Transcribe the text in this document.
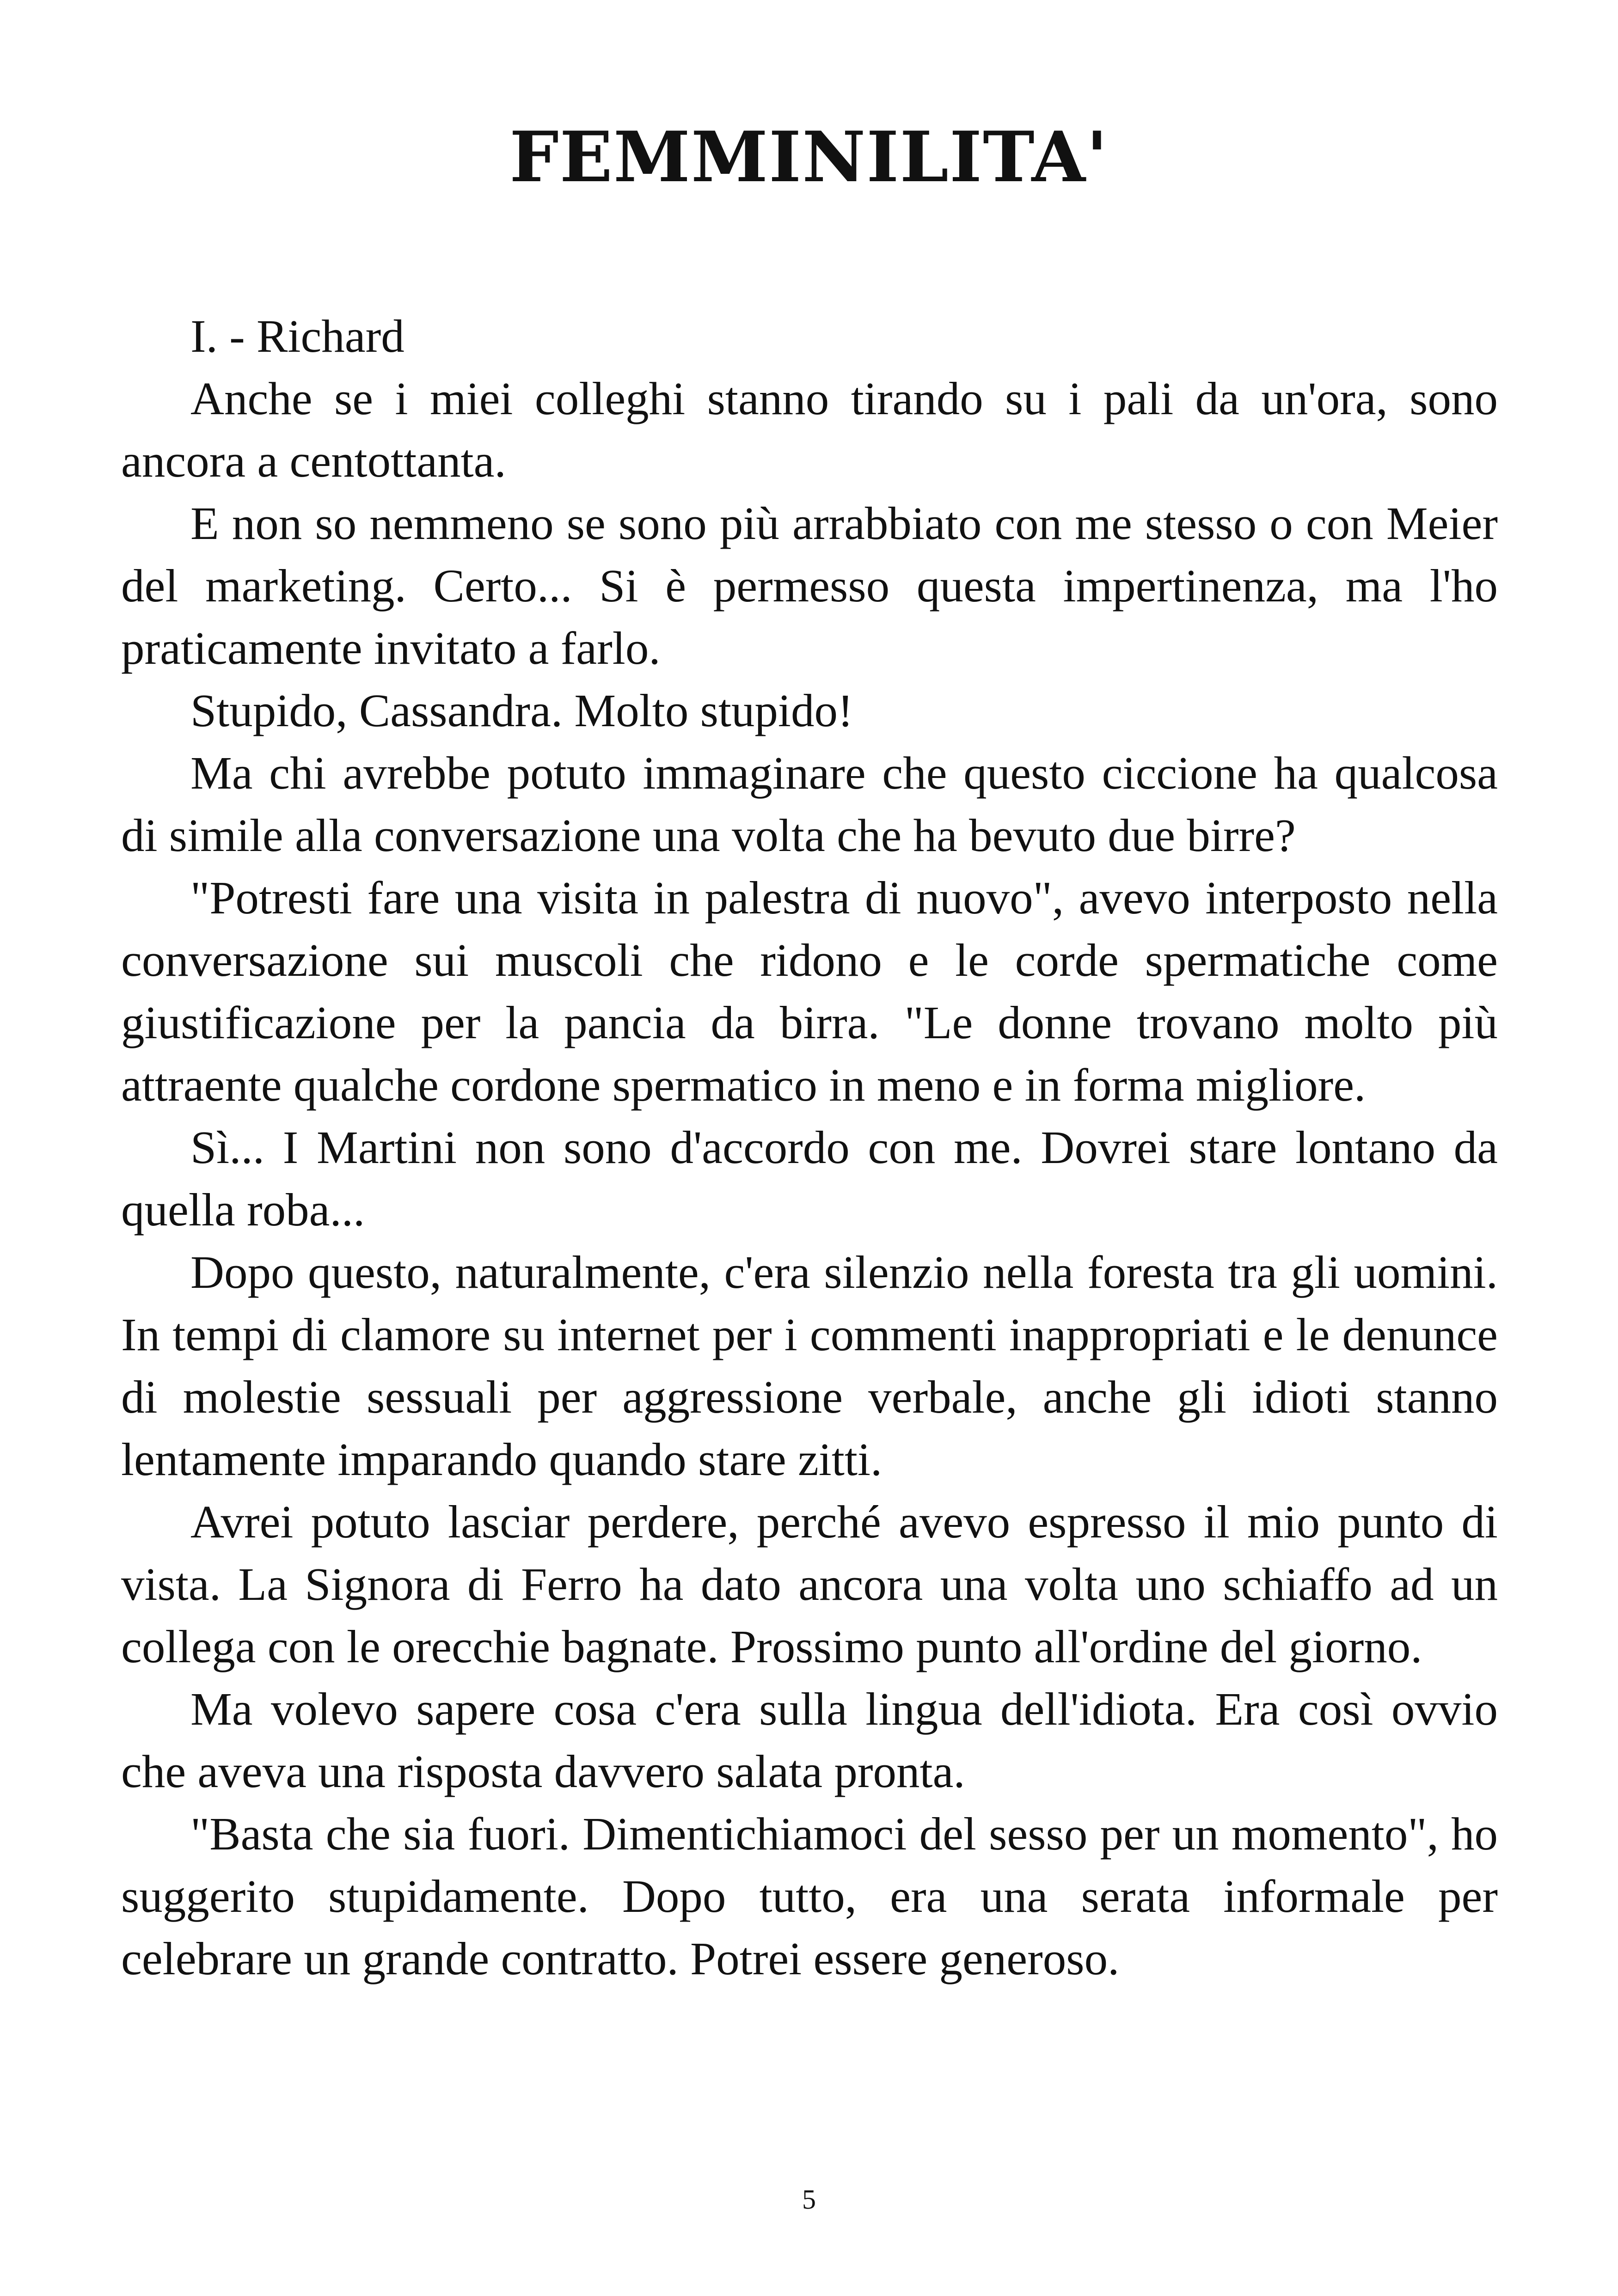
FEMMINILITA'

I. - Richard

Anche se i miei colleghi stanno tirando su i pali da un'ora, sono ancora a centottanta.

E non so nemmeno se sono più arrabbiato con me stesso o con Meier del marketing. Certo... Si è permesso questa impertinenza, ma l'ho praticamente invitato a farlo.

Stupido, Cassandra. Molto stupido!

Ma chi avrebbe potuto immaginare che questo ciccione ha qualcosa di simile alla conversazione una volta che ha bevuto due birre?

"Potresti fare una visita in palestra di nuovo", avevo interposto nella conversazione sui muscoli che ridono e le corde spermatiche come giustificazione per la pancia da birra. "Le donne trovano molto più attraente qualche cordone spermatico in meno e in forma migliore.

Sì... I Martini non sono d'accordo con me. Dovrei stare lontano da quella roba...

Dopo questo, naturalmente, c'era silenzio nella foresta tra gli uomini. In tempi di clamore su internet per i commenti inappropriati e le denunce di molestie sessuali per aggressione verbale, anche gli idioti stanno lentamente imparando quando stare zitti.

Avrei potuto lasciar perdere, perché avevo espresso il mio punto di vista. La Signora di Ferro ha dato ancora una volta uno schiaffo ad un collega con le orecchie bagnate. Prossimo punto all'ordine del giorno.

Ma volevo sapere cosa c'era sulla lingua dell'idiota. Era così ovvio che aveva una risposta davvero salata pronta.

"Basta che sia fuori. Dimentichiamoci del sesso per un momento", ho suggerito stupidamente. Dopo tutto, era una serata informale per celebrare un grande contratto. Potrei essere generoso.

5
